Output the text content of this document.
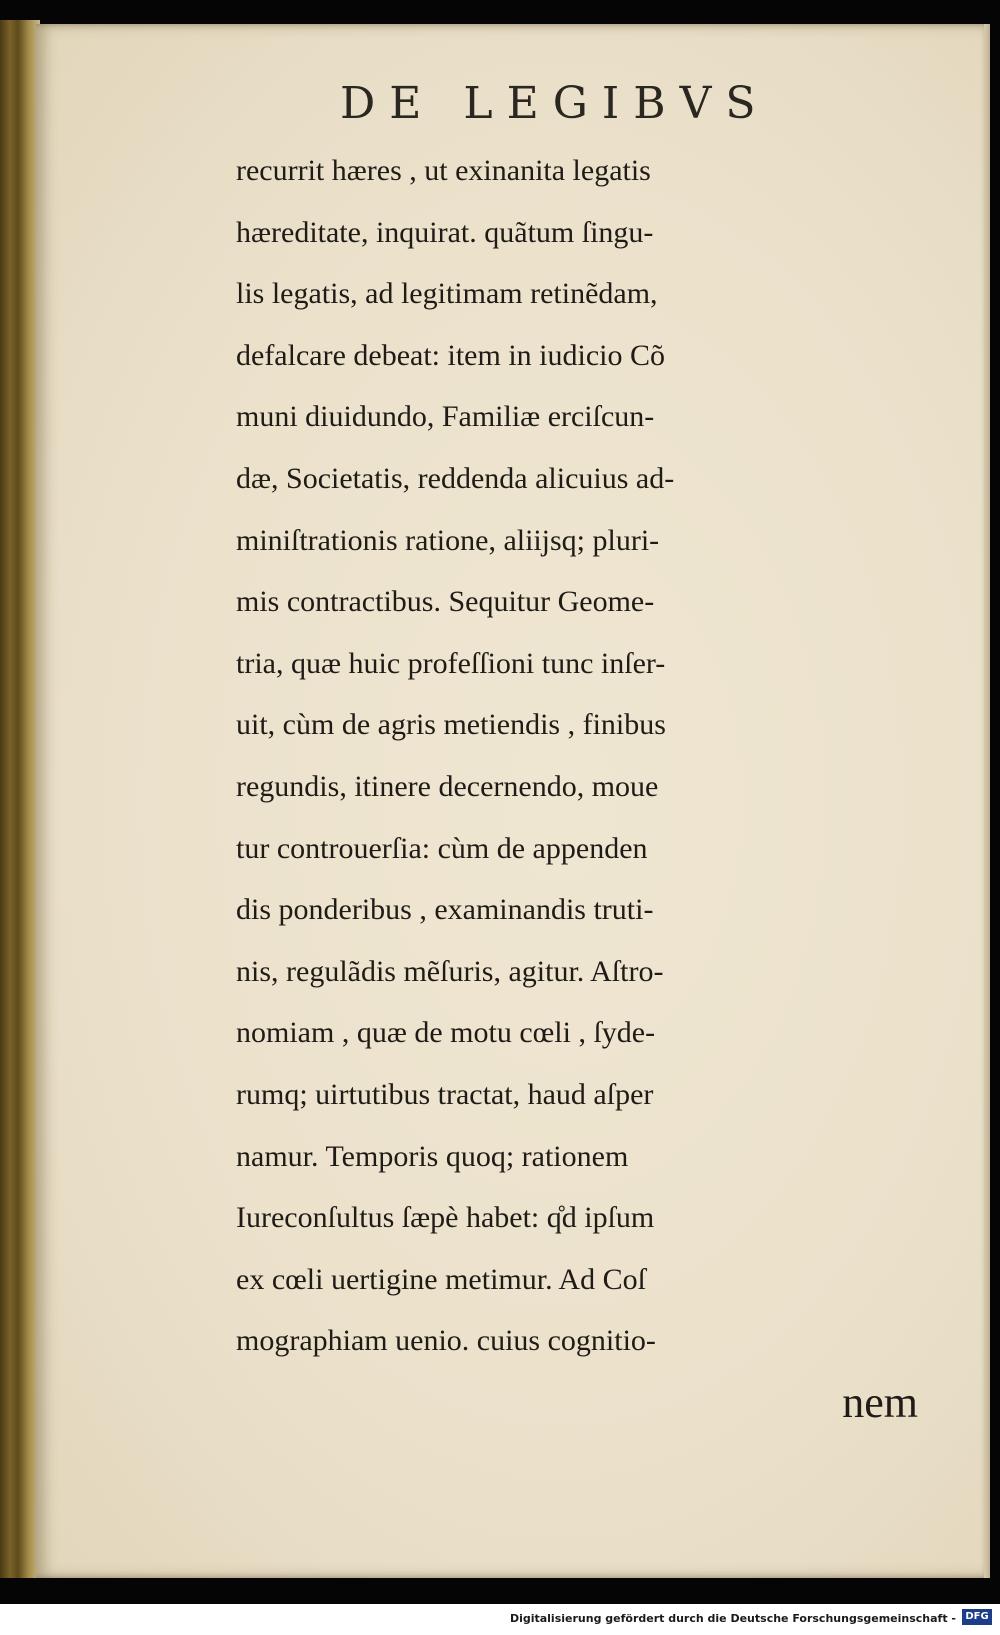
DE LEGIBVS
recurrit hæres , ut exinanita legatis
hæreditate, inquirat. quãtum ſingu-
lis legatis, ad legitimam retinẽdam,
defalcare debeat: item in iudicio Cõ
muni diuidundo, Familiæ erciſcun-
dæ, Societatis, reddenda alicuius ad-
miniſtrationis ratione, aliĳsq; pluri-
mis contractibus. Sequitur Geome-
tria, quæ huic profeſſioni tunc inſer-
uit, cùm de agris metiendis , finibus
regundis, itinere decernendo, moue
tur controuerſia: cùm de appenden
dis ponderibus , examinandis truti-
nis, regulãdis mẽſuris, agitur. Aſtro-
nomiam , quæ de motu cœli , ſyde-
rumq; uirtutibus tractat, haud aſper
namur. Temporis quoq; rationem
Iureconſultus ſæpè habet: q̊d ipſum
ex cœli uertigine metimur. Ad Coſ
mographiam uenio. cuius cognitio-
nem
Digitalisierung gefördert durch die Deutsche Forschungsgemeinschaft - DFG
